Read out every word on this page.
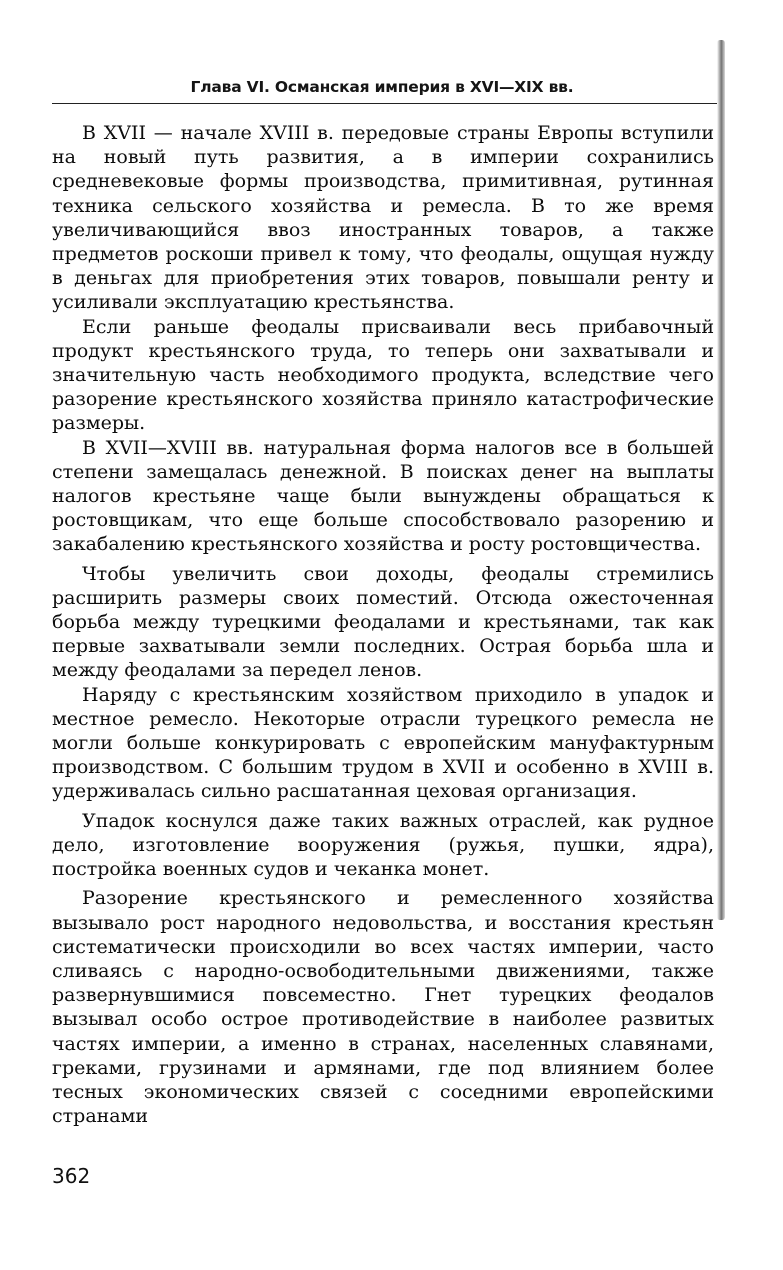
Глава VI. Османская империя в XVI—XIX вв.

В XVII — начале XVIII в. передовые страны Европы вступили на новый путь развития, а в империи сохранились средневековые формы производства, примитивная, рутинная техника сельского хозяйства и ремесла. В то же время увеличивающийся ввоз иностранных товаров, а также предметов роскоши привел к тому, что феодалы, ощущая нужду в деньгах для приобретения этих товаров, повышали ренту и усиливали эксплуатацию крестьянства.

Если раньше феодалы присваивали весь прибавочный продукт крестьянского труда, то теперь они захватывали и значительную часть необходимого продукта, вследствие чего разорение крестьянского хозяйства приняло катастрофические размеры.

В XVII—XVIII вв. натуральная форма налогов все в большей степени замещалась денежной. В поисках денег на выплаты налогов крестьяне чаще были вынуждены обращаться к ростовщикам, что еще больше способствовало разорению и закабалению крестьянского хозяйства и росту ростовщичества.

Чтобы увеличить свои доходы, феодалы стремились расширить размеры своих поместий. Отсюда ожесточенная борьба между турецкими феодалами и крестьянами, так как первые захватывали земли последних. Острая борьба шла и между феодалами за передел ленов.

Наряду с крестьянским хозяйством приходило в упадок и местное ремесло. Некоторые отрасли турецкого ремесла не могли больше конкурировать с европейским мануфактурным производством. С большим трудом в XVII и особенно в XVIII в. удерживалась сильно расшатанная цеховая организация.

Упадок коснулся даже таких важных отраслей, как рудное дело, изготовление вооружения (ружья, пушки, ядра), постройка военных судов и чеканка монет.

Разорение крестьянского и ремесленного хозяйства вызывало рост народного недовольства, и восстания крестьян систематически происходили во всех частях империи, часто сливаясь с народно-освободительными движениями, также развернувшимися повсеместно. Гнет турецких феодалов вызывал особо острое противодействие в наиболее развитых частях империи, а именно в странах, населенных славянами, греками, грузинами и армянами, где под влиянием более тесных экономических связей с соседними европейскими странами

362
